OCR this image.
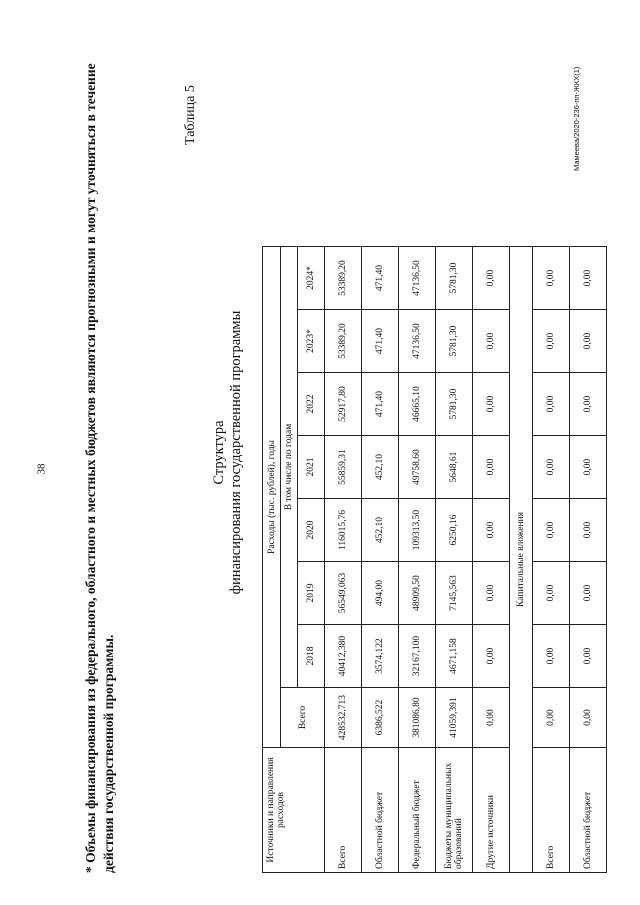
38
* Объемы финансирования из федерального, областного и местных бюджетов являются прогнозными и могут уточняться в течение действия государственной программы.
Таблица 5
Структура финансирования государственной программы
Источники и направления расходов	Расходы (тыс. рублей), годы							
	Всего	В том числе по годам						
		2018	2019	2020	2021	2022	2023*	2024*
Всего	428532,713	40412,380	56549,063	116015,76	55859,31	52917,80	53389,20	53389,20
Областной бюджет	6386,522	3574,122	494,00	452,10	452,10	471,40	471,40	471,40
Федеральный бюджет	381086,80	32167,100	48909,50	109313,50	49758,60	46665,10	47136,50	47136,50
Бюджеты муниципальных образований	41059,391	4671,158	7145,563	6250,16	5648,61	5781,30	5781,30	5781,30
Другие источники	0,00	0,00	0,00	0,00	0,00	0,00	0,00	0,00
Капитальные вложения								
Всего	0,00	0,00	0,00	0,00	0,00	0,00	0,00	0,00
Областной бюджет	0,00	0,00	0,00	0,00	0,00	0,00	0,00	0,00
Мамеева/2020-236-пп-ЖКХ(1)
